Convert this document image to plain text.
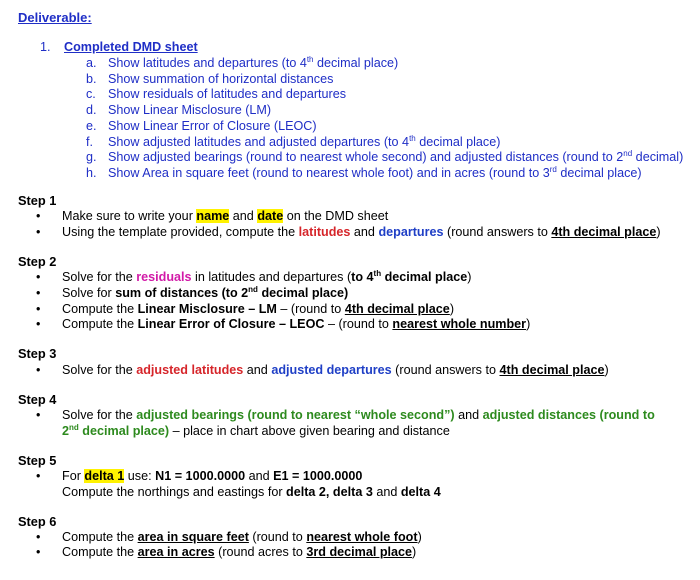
Deliverable:
1. Completed DMD sheet
a. Show latitudes and departures (to 4th decimal place)
b. Show summation of horizontal distances
c. Show residuals of latitudes and departures
d. Show Linear Misclosure (LM)
e. Show Linear Error of Closure (LEOC)
f. Show adjusted latitudes and adjusted departures (to 4th decimal place)
g. Show adjusted bearings (round to nearest whole second) and adjusted distances (round to 2nd decimal)
h. Show Area in square feet (round to nearest whole foot) and in acres (round to 3rd decimal place)
Step 1
• Make sure to write your name and date on the DMD sheet
• Using the template provided, compute the latitudes and departures (round answers to 4th decimal place)
Step 2
• Solve for the residuals in latitudes and departures (to 4th decimal place)
• Solve for sum of distances (to 2nd decimal place)
• Compute the Linear Misclosure – LM – (round to 4th decimal place)
• Compute the Linear Error of Closure – LEOC – (round to nearest whole number)
Step 3
• Solve for the adjusted latitudes and adjusted departures (round answers to 4th decimal place)
Step 4
• Solve for the adjusted bearings (round to nearest “whole second”) and adjusted distances (round to
2nd decimal place) – place in chart above given bearing and distance
Step 5
• For delta 1 use: N1 = 1000.0000 and E1 = 1000.0000
Compute the northings and eastings for delta 2, delta 3 and delta 4
Step 6
• Compute the area in square feet (round to nearest whole foot)
• Compute the area in acres (round acres to 3rd decimal place)
